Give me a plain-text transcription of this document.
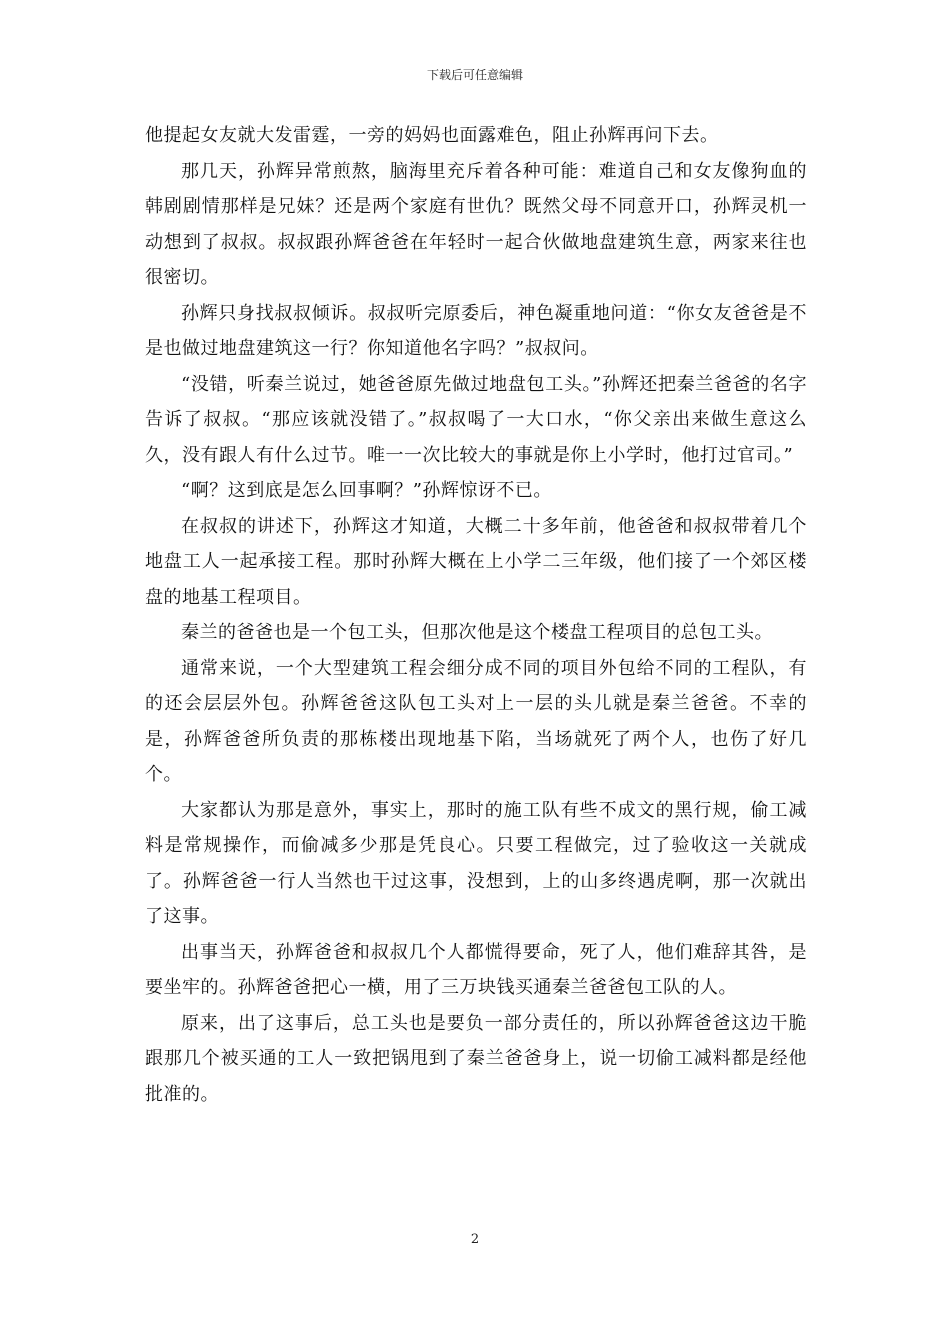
下载后可任意编辑

他提起女友就大发雷霆，一旁的妈妈也面露难色，阻止孙辉再问下去。

那几天，孙辉异常煎熬，脑海里充斥着各种可能：难道自己和女友像狗血的韩剧剧情那样是兄妹？还是两个家庭有世仇？既然父母不同意开口，孙辉灵机一动想到了叔叔。叔叔跟孙辉爸爸在年轻时一起合伙做地盘建筑生意，两家来往也很密切。

孙辉只身找叔叔倾诉。叔叔听完原委后，神色凝重地问道：“你女友爸爸是不是也做过地盘建筑这一行？你知道他名字吗？”叔叔问。

“没错，听秦兰说过，她爸爸原先做过地盘包工头。”孙辉还把秦兰爸爸的名字告诉了叔叔。“那应该就没错了。”叔叔喝了一大口水，“你父亲出来做生意这么久，没有跟人有什么过节。唯一一次比较大的事就是你上小学时，他打过官司。”

“啊？这到底是怎么回事啊？”孙辉惊讶不已。

在叔叔的讲述下，孙辉这才知道，大概二十多年前，他爸爸和叔叔带着几个地盘工人一起承接工程。那时孙辉大概在上小学二三年级，他们接了一个郊区楼盘的地基工程项目。

秦兰的爸爸也是一个包工头，但那次他是这个楼盘工程项目的总包工头。

通常来说，一个大型建筑工程会细分成不同的项目外包给不同的工程队，有的还会层层外包。孙辉爸爸这队包工头对上一层的头儿就是秦兰爸爸。不幸的是，孙辉爸爸所负责的那栋楼出现地基下陷，当场就死了两个人，也伤了好几个。

大家都认为那是意外，事实上，那时的施工队有些不成文的黑行规，偷工减料是常规操作，而偷减多少那是凭良心。只要工程做完，过了验收这一关就成了。孙辉爸爸一行人当然也干过这事，没想到，上的山多终遇虎啊，那一次就出了这事。

出事当天，孙辉爸爸和叔叔几个人都慌得要命，死了人，他们难辞其咎，是要坐牢的。孙辉爸爸把心一横，用了三万块钱买通秦兰爸爸包工队的人。

原来，出了这事后，总工头也是要负一部分责任的，所以孙辉爸爸这边干脆跟那几个被买通的工人一致把锅甩到了秦兰爸爸身上，说一切偷工减料都是经他批准的。

2
